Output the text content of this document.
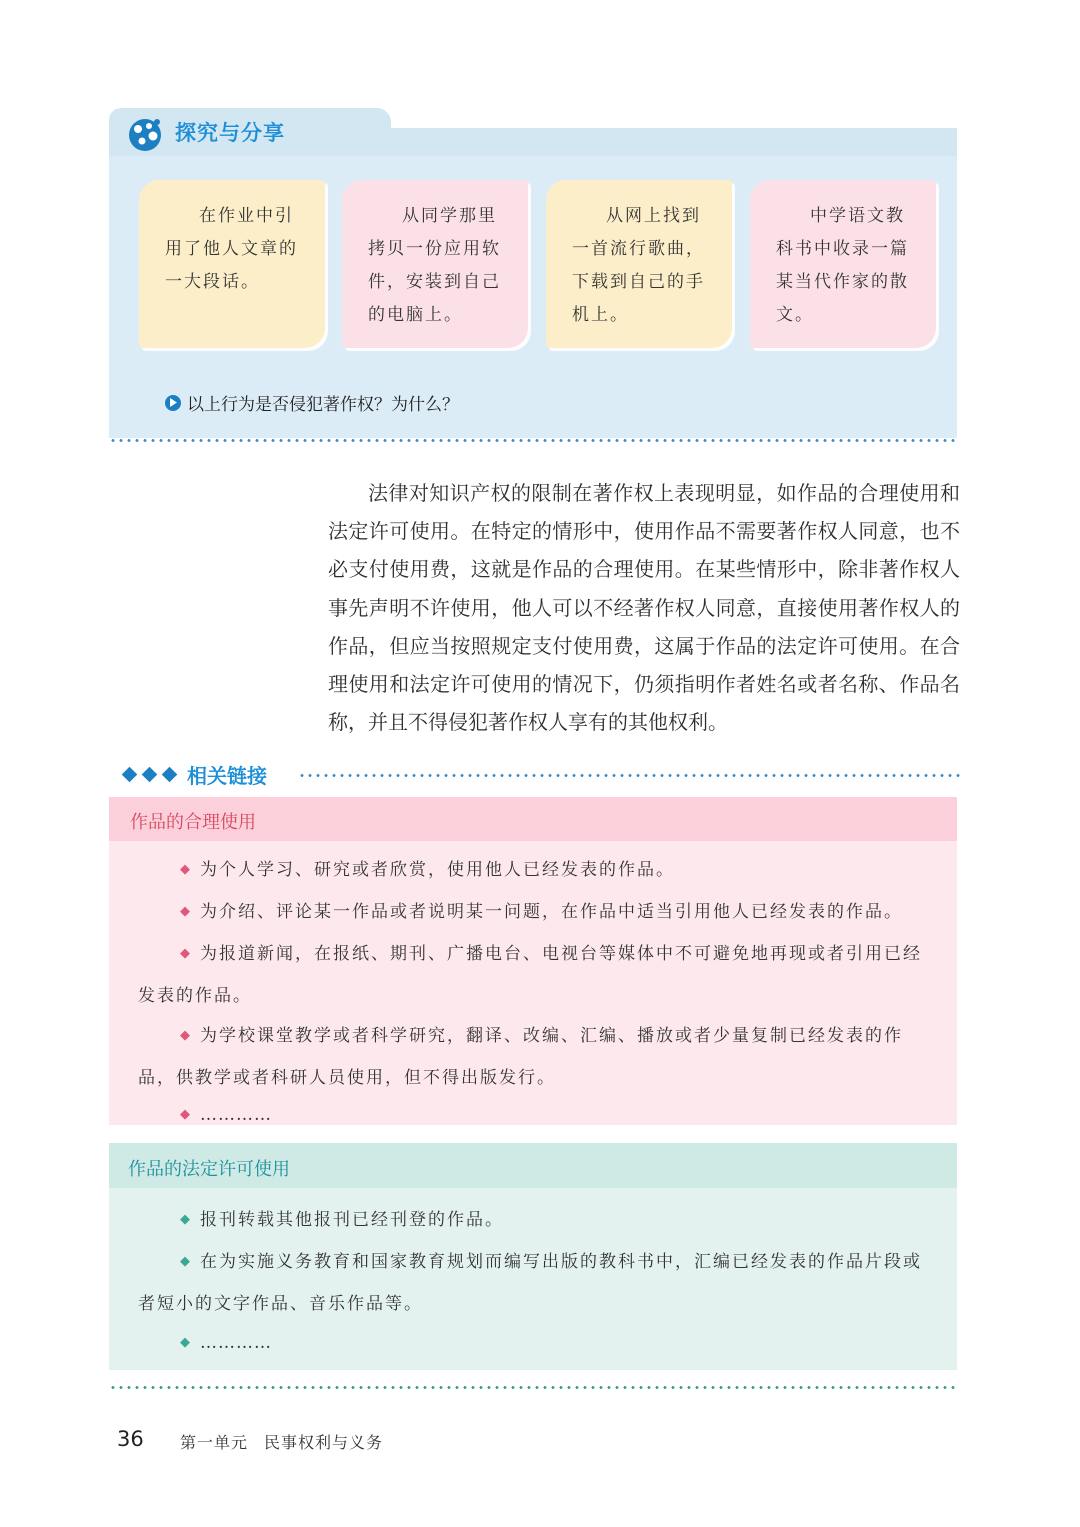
探究与分享

在作业中引用了他人文章的一大段话。

从同学那里拷贝一份应用软件，安装到自己的电脑上。

从网上找到一首流行歌曲，下载到自己的手机上。

中学语文教科书中收录一篇某当代作家的散文。

以上行为是否侵犯著作权？为什么？

法律对知识产权的限制在著作权上表现明显，如作品的合理使用和法定许可使用。在特定的情形中，使用作品不需要著作权人同意，也不必支付使用费，这就是作品的合理使用。在某些情形中，除非著作权人事先声明不许使用，他人可以不经著作权人同意，直接使用著作权人的作品，但应当按照规定支付使用费，这属于作品的法定许可使用。在合理使用和法定许可使用的情况下，仍须指明作者姓名或者名称、作品名称，并且不得侵犯著作权人享有的其他权利。

相关链接
作品的合理使用
◆ 为个人学习、研究或者欣赏，使用他人已经发表的作品。
◆ 为介绍、评论某一作品或者说明某一问题，在作品中适当引用他人已经发表的作品。
◆ 为报道新闻，在报纸、期刊、广播电台、电视台等媒体中不可避免地再现或者引用已经发表的作品。
◆ 为学校课堂教学或者科学研究，翻译、改编、汇编、播放或者少量复制已经发表的作品，供教学或者科研人员使用，但不得出版发行。
◆ …………
作品的法定许可使用
◆ 报刊转载其他报刊已经刊登的作品。
◆ 在为实施义务教育和国家教育规划而编写出版的教科书中，汇编已经发表的作品片段或者短小的文字作品、音乐作品等。
◆ …………
36 第一单元 民事权利与义务
